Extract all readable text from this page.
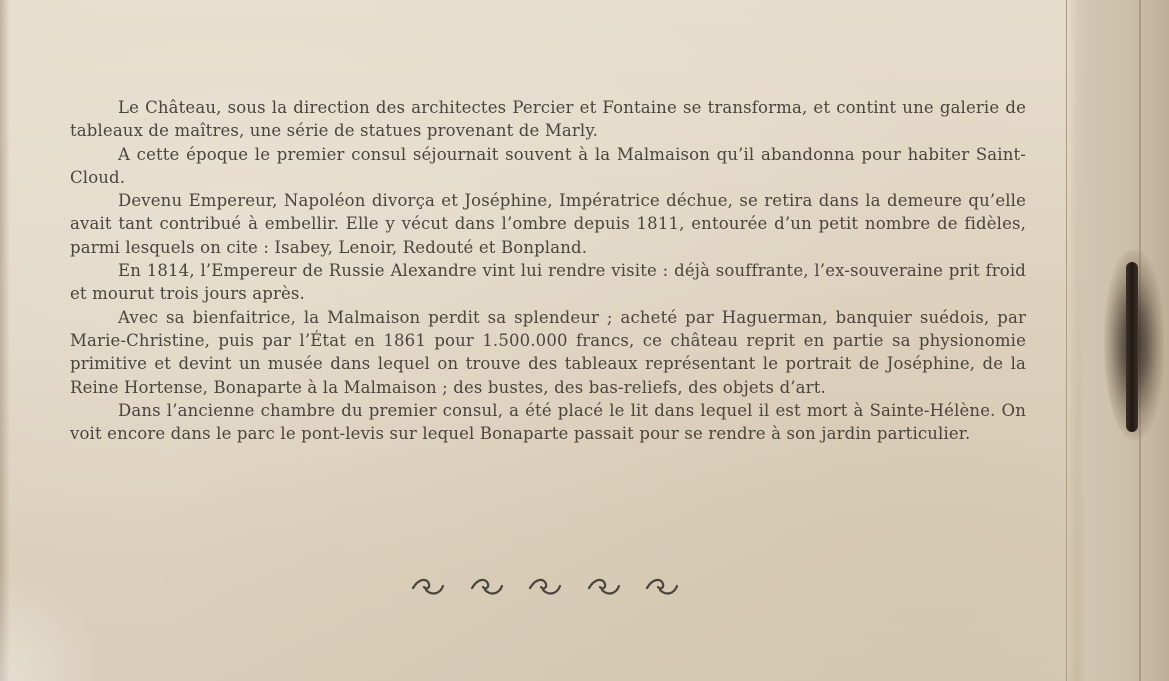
Le Château, sous la direction des architectes Percier et Fontaine se transforma, et contint une galerie de tableaux de maîtres, une série de statues provenant de Marly.

A cette époque le premier consul séjournait souvent à la Malmaison qu’il abandonna pour habiter Saint-Cloud.

Devenu Empereur, Napoléon divorça et Joséphine, Impératrice déchue, se retira dans la demeure qu’elle avait tant contribué à embellir. Elle y vécut dans l’ombre depuis 1811, entourée d’un petit nombre de fidèles, parmi lesquels on cite : Isabey, Lenoir, Redouté et Bonpland.

En 1814, l’Empereur de Russie Alexandre vint lui rendre visite : déjà souffrante, l’ex-souveraine prit froid et mourut trois jours après.

Avec sa bienfaitrice, la Malmaison perdit sa splendeur ; acheté par Haguerman, banquier suédois, par Marie-Christine, puis par l’État en 1861 pour 1.500.000 francs, ce château reprit en partie sa physionomie primitive et devint un musée dans lequel on trouve des tableaux représentant le portrait de Joséphine, de la Reine Hortense, Bonaparte à la Malmaison ; des bustes, des bas-reliefs, des objets d’art.

Dans l’ancienne chambre du premier consul, a été placé le lit dans lequel il est mort à Sainte-Hélène. On voit encore dans le parc le pont-levis sur lequel Bonaparte passait pour se rendre à son jardin particulier.
